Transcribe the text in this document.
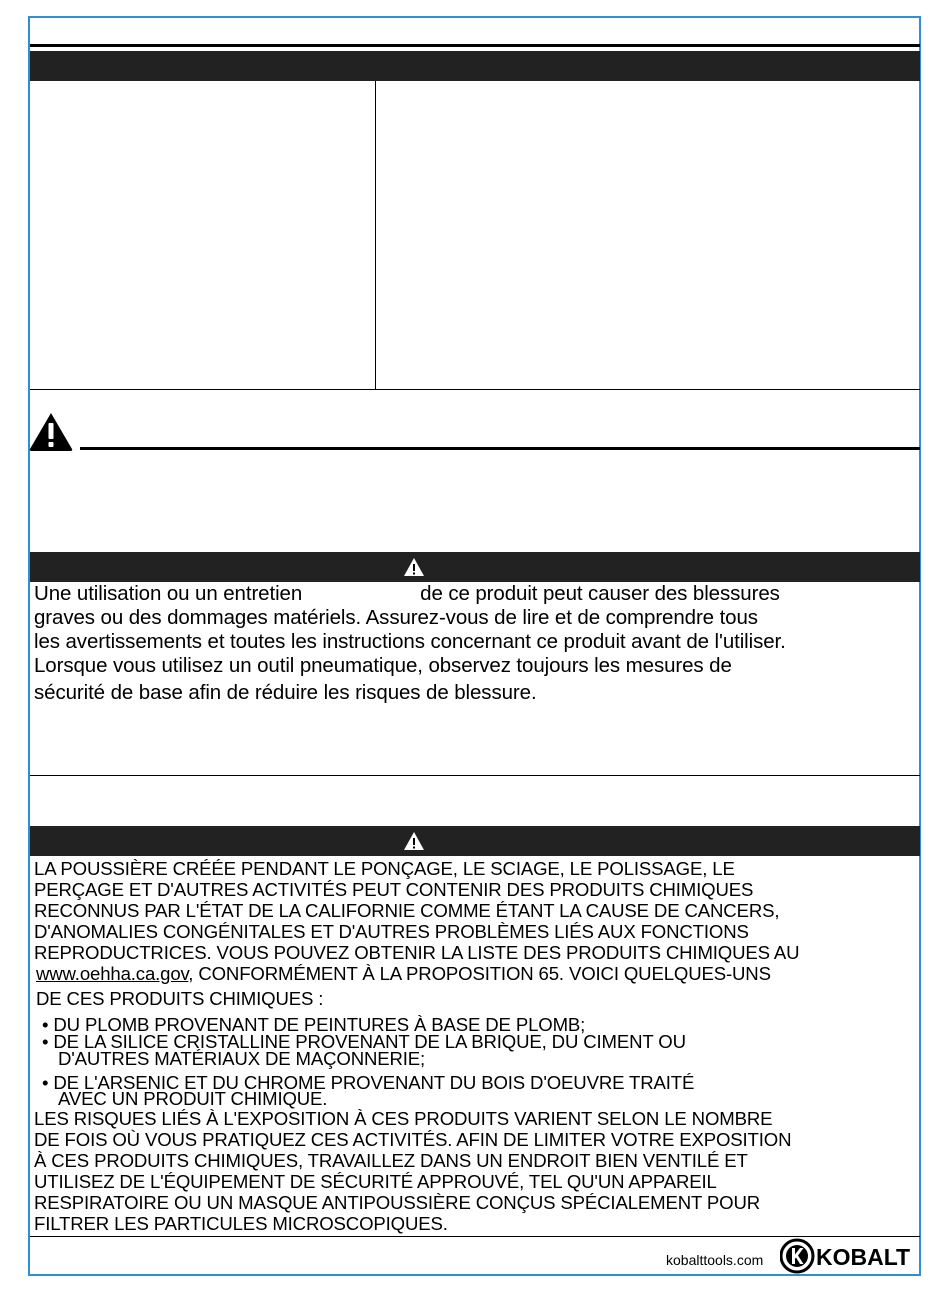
Une utilisation ou un entretien	de ce produit peut causer des blessures
graves ou des dommages matériels. Assurez-vous de lire et de comprendre tous
les avertissements et toutes les instructions concernant ce produit avant de l'utiliser.
Lorsque vous utilisez un outil pneumatique, observez toujours les mesures de
sécurité de base afin de réduire les risques de blessure.
LA POUSSIÈRE CRÉÉE PENDANT LE PONÇAGE, LE SCIAGE, LE POLISSAGE, LE
PERÇAGE ET D'AUTRES ACTIVITÉS PEUT CONTENIR DES PRODUITS CHIMIQUES
RECONNUS PAR L'ÉTAT DE LA CALIFORNIE COMME ÉTANT LA CAUSE DE CANCERS,
D'ANOMALIES CONGÉNITALES ET D'AUTRES PROBLÈMES LIÉS AUX FONCTIONS
REPRODUCTRICES. VOUS POUVEZ OBTENIR LA LISTE DES PRODUITS CHIMIQUES AU
www.oehha.ca.gov, CONFORMÉMENT À LA PROPOSITION 65. VOICI QUELQUES-UNS
DE CES PRODUITS CHIMIQUES :
• DU PLOMB PROVENANT DE PEINTURES À BASE DE PLOMB;
• DE LA SILICE CRISTALLINE PROVENANT DE LA BRIQUE, DU CIMENT OU
D'AUTRES MATÉRIAUX DE MAÇONNERIE;
• DE L'ARSENIC ET DU CHROME PROVENANT DU BOIS D'OEUVRE TRAITÉ
AVEC UN PRODUIT CHIMIQUE.
LES RISQUES LIÉS À L'EXPOSITION À CES PRODUITS VARIENT SELON LE NOMBRE
DE FOIS OÙ VOUS PRATIQUEZ CES ACTIVITÉS. AFIN DE LIMITER VOTRE EXPOSITION
À CES PRODUITS CHIMIQUES, TRAVAILLEZ DANS UN ENDROIT BIEN VENTILÉ ET
UTILISEZ DE L'ÉQUIPEMENT DE SÉCURITÉ APPROUVÉ, TEL QU'UN APPAREIL
RESPIRATOIRE OU UN MASQUE ANTIPOUSSIÈRE CONÇUS SPÉCIALEMENT POUR
FILTRER LES PARTICULES MICROSCOPIQUES.
kobalttools.com KOBALT
